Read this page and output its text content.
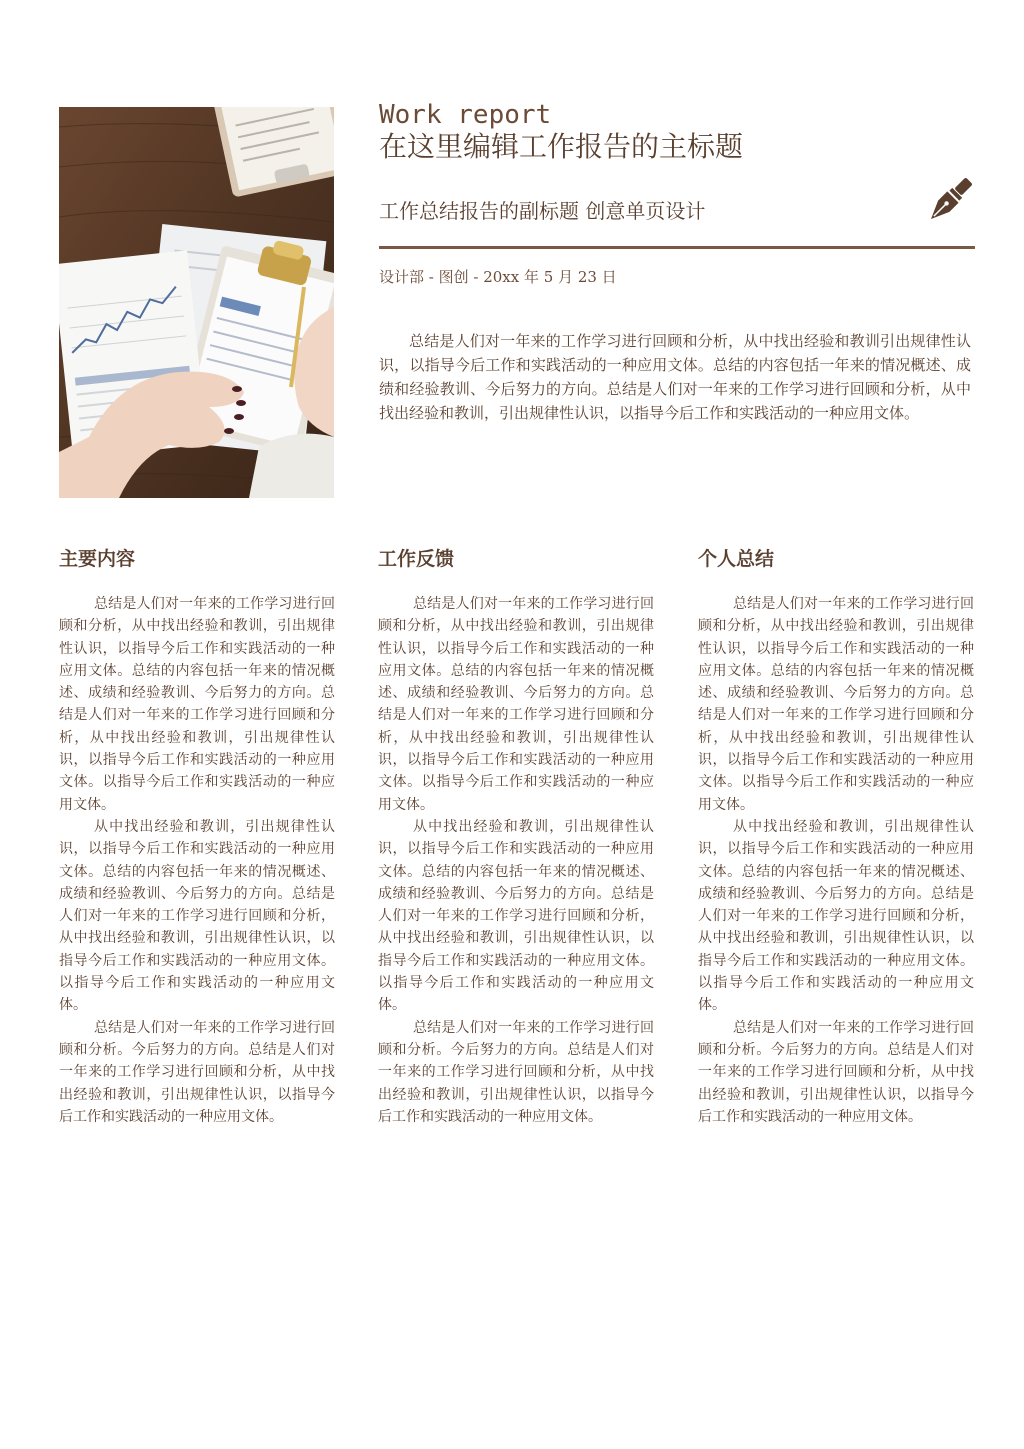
Work report
在这里编辑工作报告的主标题
工作总结报告的副标题 创意单页设计
设计部 - 图创 - 20xx 年 5 月 23 日
总结是人们对一年来的工作学习进行回顾和分析，从中找出经验和教训引出规律性认识，以指导今后工作和实践活动的一种应用文体。总结的内容包括一年来的情况概述、成绩和经验教训、今后努力的方向。总结是人们对一年来的工作学习进行回顾和分析，从中找出经验和教训，引出规律性认识，以指导今后工作和实践活动的一种应用文体。
主要内容

总结是人们对一年来的工作学习进行回顾和分析，从中找出经验和教训，引出规律性认识，以指导今后工作和实践活动的一种应用文体。总结的内容包括一年来的情况概述、成绩和经验教训、今后努力的方向。总结是人们对一年来的工作学习进行回顾和分析，从中找出经验和教训，引出规律性认识，以指导今后工作和实践活动的一种应用文体。以指导今后工作和实践活动的一种应用文体。

从中找出经验和教训，引出规律性认识，以指导今后工作和实践活动的一种应用文体。总结的内容包括一年来的情况概述、成绩和经验教训、今后努力的方向。总结是人们对一年来的工作学习进行回顾和分析，从中找出经验和教训，引出规律性认识，以指导今后工作和实践活动的一种应用文体。以指导今后工作和实践活动的一种应用文体。

总结是人们对一年来的工作学习进行回顾和分析。今后努力的方向。总结是人们对一年来的工作学习进行回顾和分析，从中找出经验和教训，引出规律性认识，以指导今后工作和实践活动的一种应用文体。

工作反馈

总结是人们对一年来的工作学习进行回顾和分析，从中找出经验和教训，引出规律性认识，以指导今后工作和实践活动的一种应用文体。总结的内容包括一年来的情况概述、成绩和经验教训、今后努力的方向。总结是人们对一年来的工作学习进行回顾和分析，从中找出经验和教训，引出规律性认识，以指导今后工作和实践活动的一种应用文体。以指导今后工作和实践活动的一种应用文体。

从中找出经验和教训，引出规律性认识，以指导今后工作和实践活动的一种应用文体。总结的内容包括一年来的情况概述、成绩和经验教训、今后努力的方向。总结是人们对一年来的工作学习进行回顾和分析，从中找出经验和教训，引出规律性认识，以指导今后工作和实践活动的一种应用文体。以指导今后工作和实践活动的一种应用文体。

总结是人们对一年来的工作学习进行回顾和分析。今后努力的方向。总结是人们对一年来的工作学习进行回顾和分析，从中找出经验和教训，引出规律性认识，以指导今后工作和实践活动的一种应用文体。

个人总结

总结是人们对一年来的工作学习进行回顾和分析，从中找出经验和教训，引出规律性认识，以指导今后工作和实践活动的一种应用文体。总结的内容包括一年来的情况概述、成绩和经验教训、今后努力的方向。总结是人们对一年来的工作学习进行回顾和分析，从中找出经验和教训，引出规律性认识，以指导今后工作和实践活动的一种应用文体。以指导今后工作和实践活动的一种应用文体。

从中找出经验和教训，引出规律性认识，以指导今后工作和实践活动的一种应用文体。总结的内容包括一年来的情况概述、成绩和经验教训、今后努力的方向。总结是人们对一年来的工作学习进行回顾和分析，从中找出经验和教训，引出规律性认识，以指导今后工作和实践活动的一种应用文体。以指导今后工作和实践活动的一种应用文体。

总结是人们对一年来的工作学习进行回顾和分析。今后努力的方向。总结是人们对一年来的工作学习进行回顾和分析，从中找出经验和教训，引出规律性认识，以指导今后工作和实践活动的一种应用文体。
